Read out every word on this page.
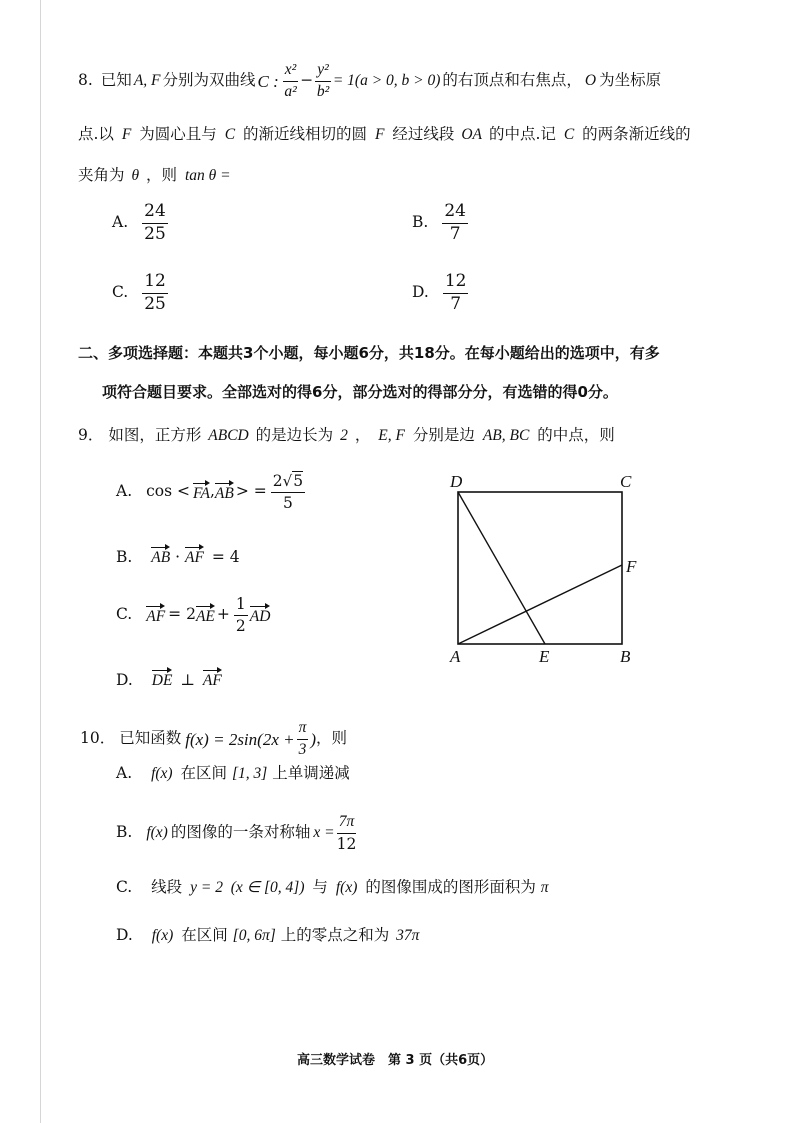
8. 已知 A, F 分别为双曲线 C : $\frac{\text{x²}}{\text{a²}} - \frac{\text{y²}}{\text{b²}} = 1(a > 0$, b > 0) 的右顶点和右焦点， O 为坐标原
点.以 F 为圆心且与 C 的渐近线相切的圆 F 经过线段 OA 的中点.记 C 的两条渐近线的
夹角为 θ ，则 tan θ =
A. $\frac{24}{25}$	B. $\frac{24}{7}$
C. $\frac{12}{25}$	D. $\frac{12}{7}$
二、多项选择题：本题共3个小题，每小题6分，共18分。在每小题给出的选项中，有多
项符合题目要求。全部选对的得6分，部分选对的得部分分，有选错的得0分。
9． 如图，正方形 ABCD 的是边长为 2 ， E, F 分别是边 AB, BC 的中点，则
A. cos < FA , AB > = $\frac{2√5}{5}$
B. AB · AF = 4
C. AF = 2 AE + $\frac{1}{2}$ AD
D. DE ⊥ AF
D	C
F
A	E	B
10． 已知函数 $f(x) = 2\sin(2x + \frac{\pi}{3}$ ) ，则
A. f(x) 在区间 [1, 3] 上单调递减
B. f(x) 的图像的一条对称轴 $x = \frac{7\pi}{12}$
C. 线段 y = 2  (x ∈ [0, 4]) 与 f(x) 的图像围成的图形面积为 π
D. f(x) 在区间 [0, 6π] 上的零点之和为 37π
高三数学试卷　第 3 页（共6页）
